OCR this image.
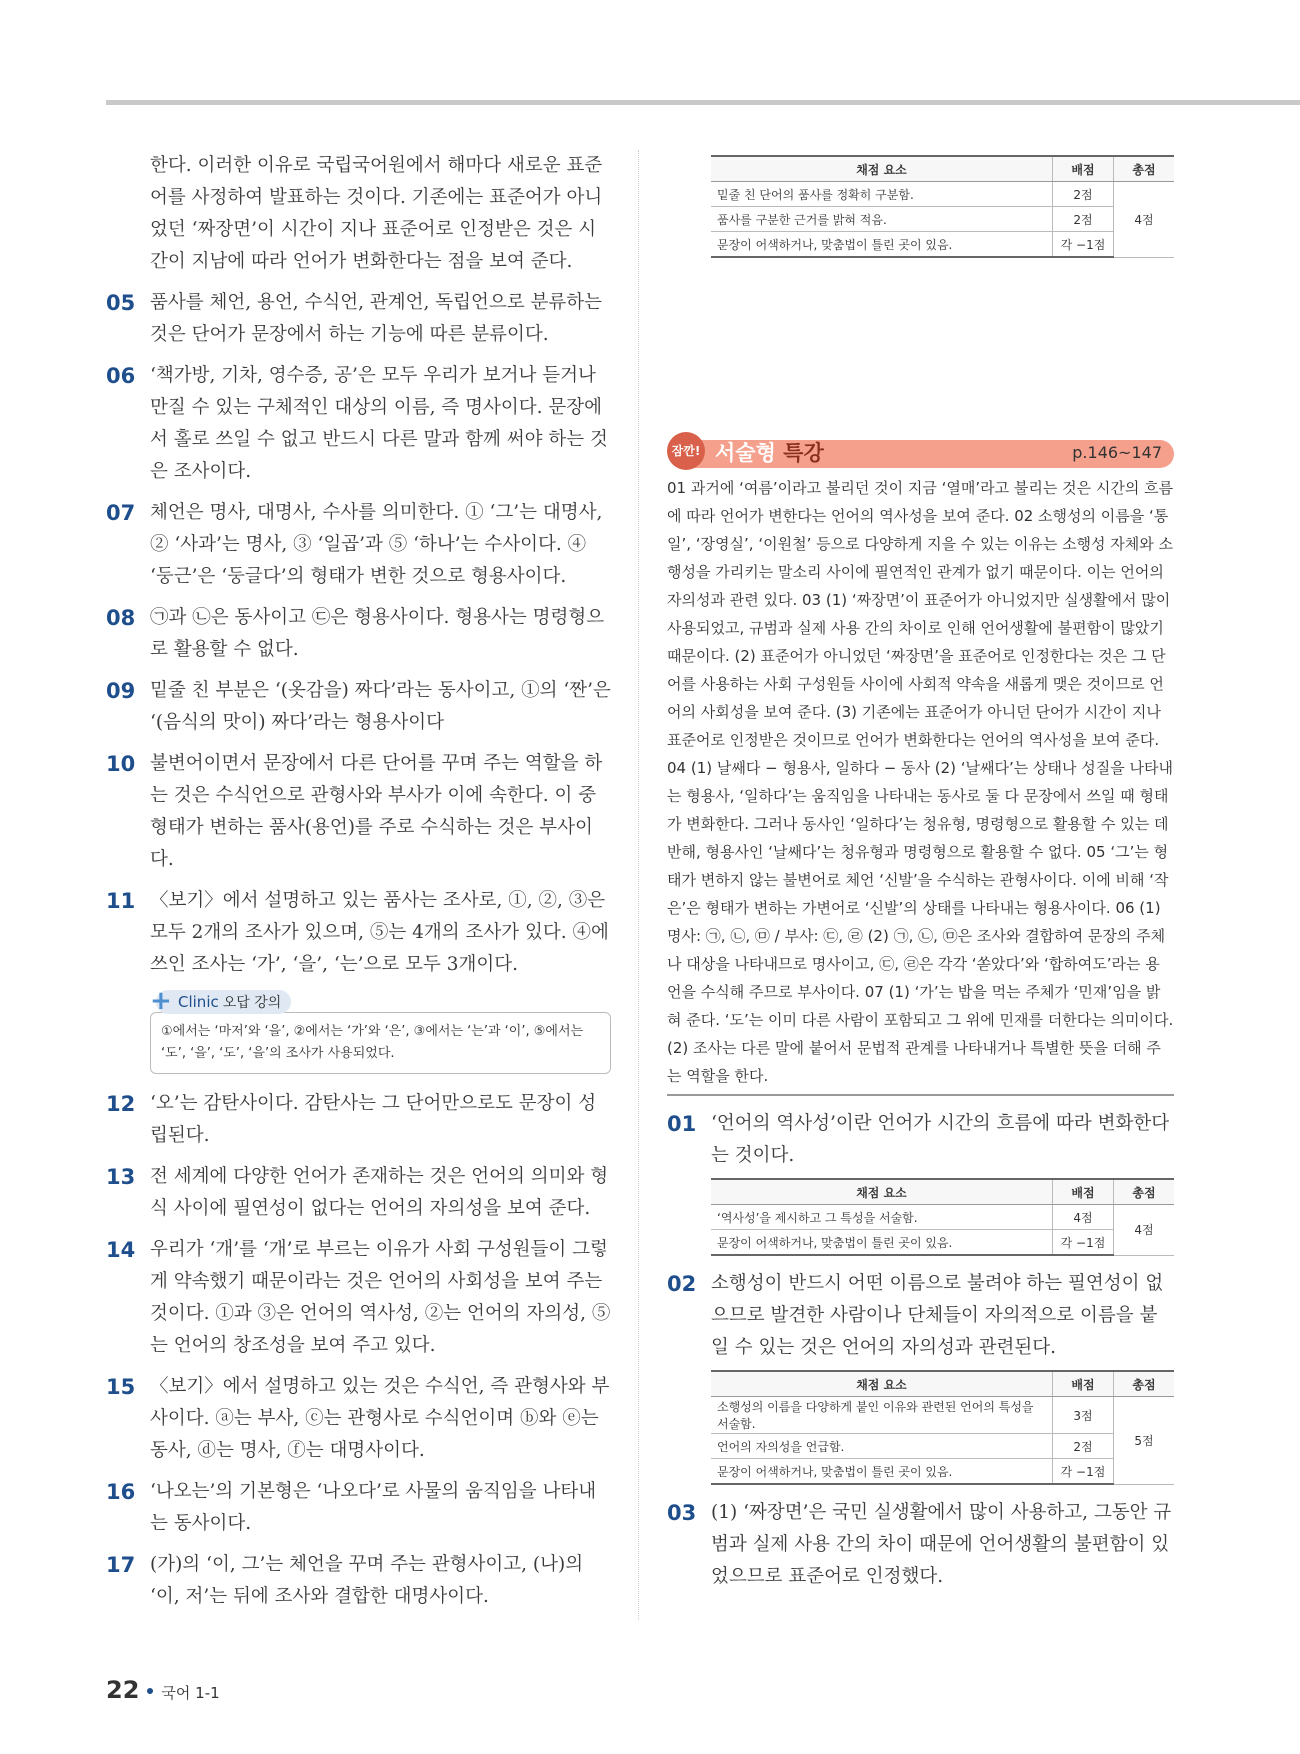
한다. 이러한 이유로 국립국어원에서 해마다 새로운 표준어를 사정하여 발표하는 것이다. 기존에는 표준어가 아니었던 ‘짜장면’이 시간이 지나 표준어로 인정받은 것은 시간이 지남에 따라 언어가 변화한다는 점을 보여 준다.
05 품사를 체언, 용언, 수식언, 관계언, 독립언으로 분류하는 것은 단어가 문장에서 하는 기능에 따른 분류이다.
06 ‘책가방, 기차, 영수증, 공’은 모두 우리가 보거나 듣거나 만질 수 있는 구체적인 대상의 이름, 즉 명사이다. 문장에서 홀로 쓰일 수 없고 반드시 다른 말과 함께 써야 하는 것은 조사이다.
07 체언은 명사, 대명사, 수사를 의미한다. ① ‘그’는 대명사, ② ‘사과’는 명사, ③ ‘일곱’과 ⑤ ‘하나’는 수사이다. ④ ‘둥근’은 ‘둥글다’의 형태가 변한 것으로 형용사이다.
08 ㉠과 ㉡은 동사이고 ㉢은 형용사이다. 형용사는 명령형으로 활용할 수 없다.
09 밑줄 친 부분은 ‘(옷감을) 짜다’라는 동사이고, ①의 ‘짠’은 ‘(음식의 맛이) 짜다’라는 형용사이다
10 불변어이면서 문장에서 다른 단어를 꾸며 주는 역할을 하는 것은 수식언으로 관형사와 부사가 이에 속한다. 이 중 형태가 변하는 품사(용언)를 주로 수식하는 것은 부사이다.
11 〈보기〉에서 설명하고 있는 품사는 조사로, ①, ②, ③은 모두 2개의 조사가 있으며, ⑤는 4개의 조사가 있다. ④에 쓰인 조사는 ‘가’, ‘을’, ‘는’으로 모두 3개이다.
+ Clinic 오답 강의
①에서는 ‘마저’와 ‘을’, ②에서는 ‘가’와 ‘은’, ③에서는 ‘는’과 ‘이’, ⑤에서는 ‘도’, ‘을’, ‘도’, ‘을’의 조사가 사용되었다.
12 ‘오’는 감탄사이다. 감탄사는 그 단어만으로도 문장이 성립된다.
13 전 세계에 다양한 언어가 존재하는 것은 언어의 의미와 형식 사이에 필연성이 없다는 언어의 자의성을 보여 준다.
14 우리가 ‘개’를 ‘개’로 부르는 이유가 사회 구성원들이 그렇게 약속했기 때문이라는 것은 언어의 사회성을 보여 주는 것이다. ①과 ③은 언어의 역사성, ②는 언어의 자의성, ⑤는 언어의 창조성을 보여 주고 있다.
15 〈보기〉에서 설명하고 있는 것은 수식언, 즉 관형사와 부사이다. ⓐ는 부사, ⓒ는 관형사로 수식언이며 ⓑ와 ⓔ는 동사, ⓓ는 명사, ⓕ는 대명사이다.
16 ‘나오는’의 기본형은 ‘나오다’로 사물의 움직임을 나타내는 동사이다.
17 (가)의 ‘이, 그’는 체언을 꾸며 주는 관형사이고, (나)의 ‘이, 저’는 뒤에 조사와 결합한 대명사이다.
채점 요소	배점	총점
밑줄 친 단어의 품사를 정확히 구분함.	2점	4점
품사를 구분한 근거를 밝혀 적음.	2점	
문장이 어색하거나, 맞춤법이 틀린 곳이 있음.	각 −1점	
잠깐! 서술형 특강	p.146~147
01 과거에 ‘여름’이라고 불리던 것이 지금 ‘열매’라고 불리는 것은 시간의 흐름에 따라 언어가 변한다는 언어의 역사성을 보여 준다. 02 소행성의 이름을 ‘통일’, ‘장영실’, ‘이원철’ 등으로 다양하게 지을 수 있는 이유는 소행성 자체와 소행성을 가리키는 말소리 사이에 필연적인 관계가 없기 때문이다. 이는 언어의 자의성과 관련 있다. 03 (1) ‘짜장면’이 표준어가 아니었지만 실생활에서 많이 사용되었고, 규범과 실제 사용 간의 차이로 인해 언어생활에 불편함이 많았기 때문이다. (2) 표준어가 아니었던 ‘짜장면’을 표준어로 인정한다는 것은 그 단어를 사용하는 사회 구성원들 사이에 사회적 약속을 새롭게 맺은 것이므로 언어의 사회성을 보여 준다. (3) 기존에는 표준어가 아니던 단어가 시간이 지나 표준어로 인정받은 것이므로 언어가 변화한다는 언어의 역사성을 보여 준다. 04 (1) 날쌔다 − 형용사, 일하다 − 동사 (2) ‘날쌔다’는 상태나 성질을 나타내는 형용사, ‘일하다’는 움직임을 나타내는 동사로 둘 다 문장에서 쓰일 때 형태가 변화한다. 그러나 동사인 ‘일하다’는 청유형, 명령형으로 활용할 수 있는 데 반해, 형용사인 ‘날쌔다’는 청유형과 명령형으로 활용할 수 없다. 05 ‘그’는 형태가 변하지 않는 불변어로 체언 ‘신발’을 수식하는 관형사이다. 이에 비해 ‘작은’은 형태가 변하는 가변어로 ‘신발’의 상태를 나타내는 형용사이다. 06 (1) 명사: ㉠, ㉡, ㉤ / 부사: ㉢, ㉣ (2) ㉠, ㉡, ㉤은 조사와 결합하여 문장의 주체나 대상을 나타내므로 명사이고, ㉢, ㉣은 각각 ‘쏟았다’와 ‘합하여도’라는 용언을 수식해 주므로 부사이다. 07 (1) ‘가’는 밥을 먹는 주체가 ‘민재’임을 밝혀 준다. ‘도’는 이미 다른 사람이 포함되고 그 위에 민재를 더한다는 의미이다. (2) 조사는 다른 말에 붙어서 문법적 관계를 나타내거나 특별한 뜻을 더해 주는 역할을 한다.
01 ‘언어의 역사성’이란 언어가 시간의 흐름에 따라 변화한다는 것이다.
채점 요소	배점	총점
‘역사성’을 제시하고 그 특성을 서술함.	4점	4점
문장이 어색하거나, 맞춤법이 틀린 곳이 있음.	각 −1점	
02 소행성이 반드시 어떤 이름으로 불려야 하는 필연성이 없으므로 발견한 사람이나 단체들이 자의적으로 이름을 붙일 수 있는 것은 언어의 자의성과 관련된다.
채점 요소	배점	총점
소행성의 이름을 다양하게 붙인 이유와 관련된 언어의 특성을 서술함.	3점	5점
언어의 자의성을 언급함.	2점	
문장이 어색하거나, 맞춤법이 틀린 곳이 있음.	각 −1점	
03 (1) ‘짜장면’은 국민 실생활에서 많이 사용하고, 그동안 규범과 실제 사용 간의 차이 때문에 언어생활의 불편함이 있었으므로 표준어로 인정했다.
22 국어 1-1
